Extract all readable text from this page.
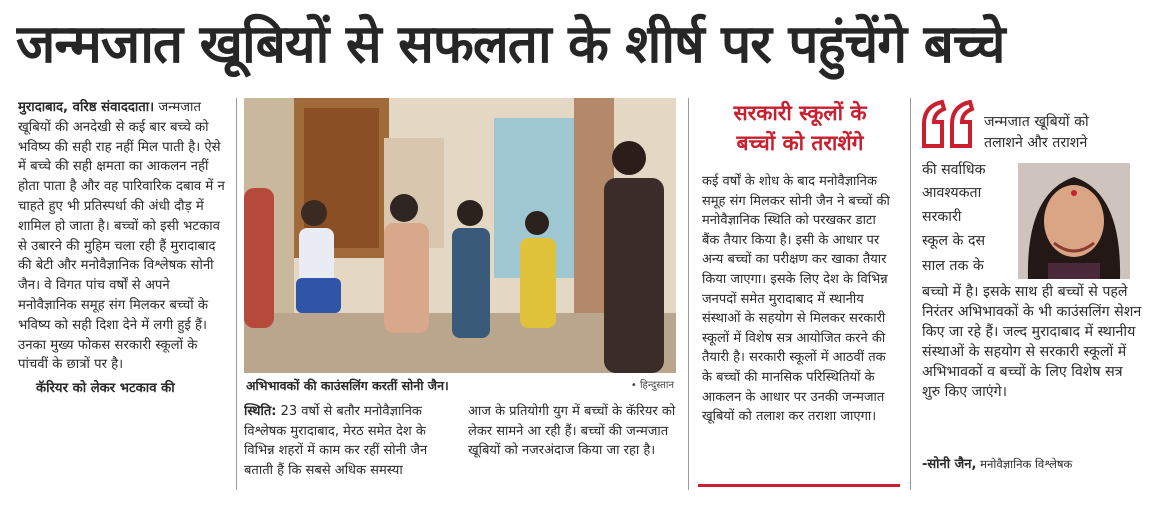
जन्मजात खूबियों से सफलता के शीर्ष पर पहुंचेंगे बच्चे
मुरादाबाद, वरिष्ठ संवाददाता। जन्मजात खूबियों की अनदेखी से कई बार बच्चे को भविष्य की सही राह नहीं मिल पाती है। ऐसे में बच्चे की सही क्षमता का आकलन नहीं होता पाता है और वह पारिवारिक दबाव में न चाहते हुए भी प्रतिस्पर्धा की अंधी दौड़ में शामिल हो जाता है। बच्चों को इसी भटकाव से उबारने की मुहिम चला रही हैं मुरादाबाद की बेटी और मनोवैज्ञानिक विश्लेषक सोनी जैन। वे विगत पांच वर्षों से अपने मनोवैज्ञानिक समूह संग मिलकर बच्चों के भविष्य को सही दिशा देने में लगी हुई हैं। उनका मुख्य फोकस सरकारी स्कूलों के पांचवीं के छात्रों पर है।
कॅरियर को लेकर भटकाव की	अभिभावकों की काउंसलिंग करतीं सोनी जैन।	• हिन्दुस्तान
स्थिति: 23 वर्षो से बतौर मनोवैज्ञानिक विश्लेषक मुरादाबाद, मेरठ समेत देश के विभिन्न शहरों में काम कर रहीं सोनी जैन बताती हैं कि सबसे अधिक समस्या
आज के प्रतियोगी युग में बच्चों के कॅरियर को लेकर सामने आ रही हैं। बच्चों की जन्मजात खूबियों को नजरअंदाज किया जा रहा है।
सरकारी स्कूलों के
बच्चों को तराशेंगे
कई वर्षों के शोध के बाद मनोवैज्ञानिक समूह संग मिलकर सोनी जैन ने बच्चों की मनोवैज्ञानिक स्थिति को परखकर डाटा बैंक तैयार किया है। इसी के आधार पर अन्य बच्चों का परीक्षण कर खाका तैयार किया जाएगा। इसके लिए देश के विभिन्न जनपदों समेत मुरादाबाद में स्थानीय संस्थाओं के सहयोग से मिलकर सरकारी स्कूलों में विशेष सत्र आयोजित करने की तैयारी है। सरकारी स्कूलों में आठवीं तक के बच्चों की मानसिक परिस्थितियों के आकलन के आधार पर उनकी जन्मजात खूबियों को तलाश कर तराशा जाएगा।
जन्मजात खूबियों को
तलाशने और तराशने
की सर्वाधिक
आवश्यकता
सरकारी
स्कूल के दस
साल तक के
बच्चो में है। इसके साथ ही बच्चों से पहले निरंतर अभिभावकों के भी काउंसलिंग सेशन किए जा रहे हैं। जल्द मुरादाबाद में स्थानीय संस्थाओं के सहयोग से सरकारी स्कूलों में अभिभावकों व बच्चों के लिए विशेष सत्र शुरु किए जाएंगे।
-सोनी जैन, मनोवैज्ञानिक विश्लेषक
